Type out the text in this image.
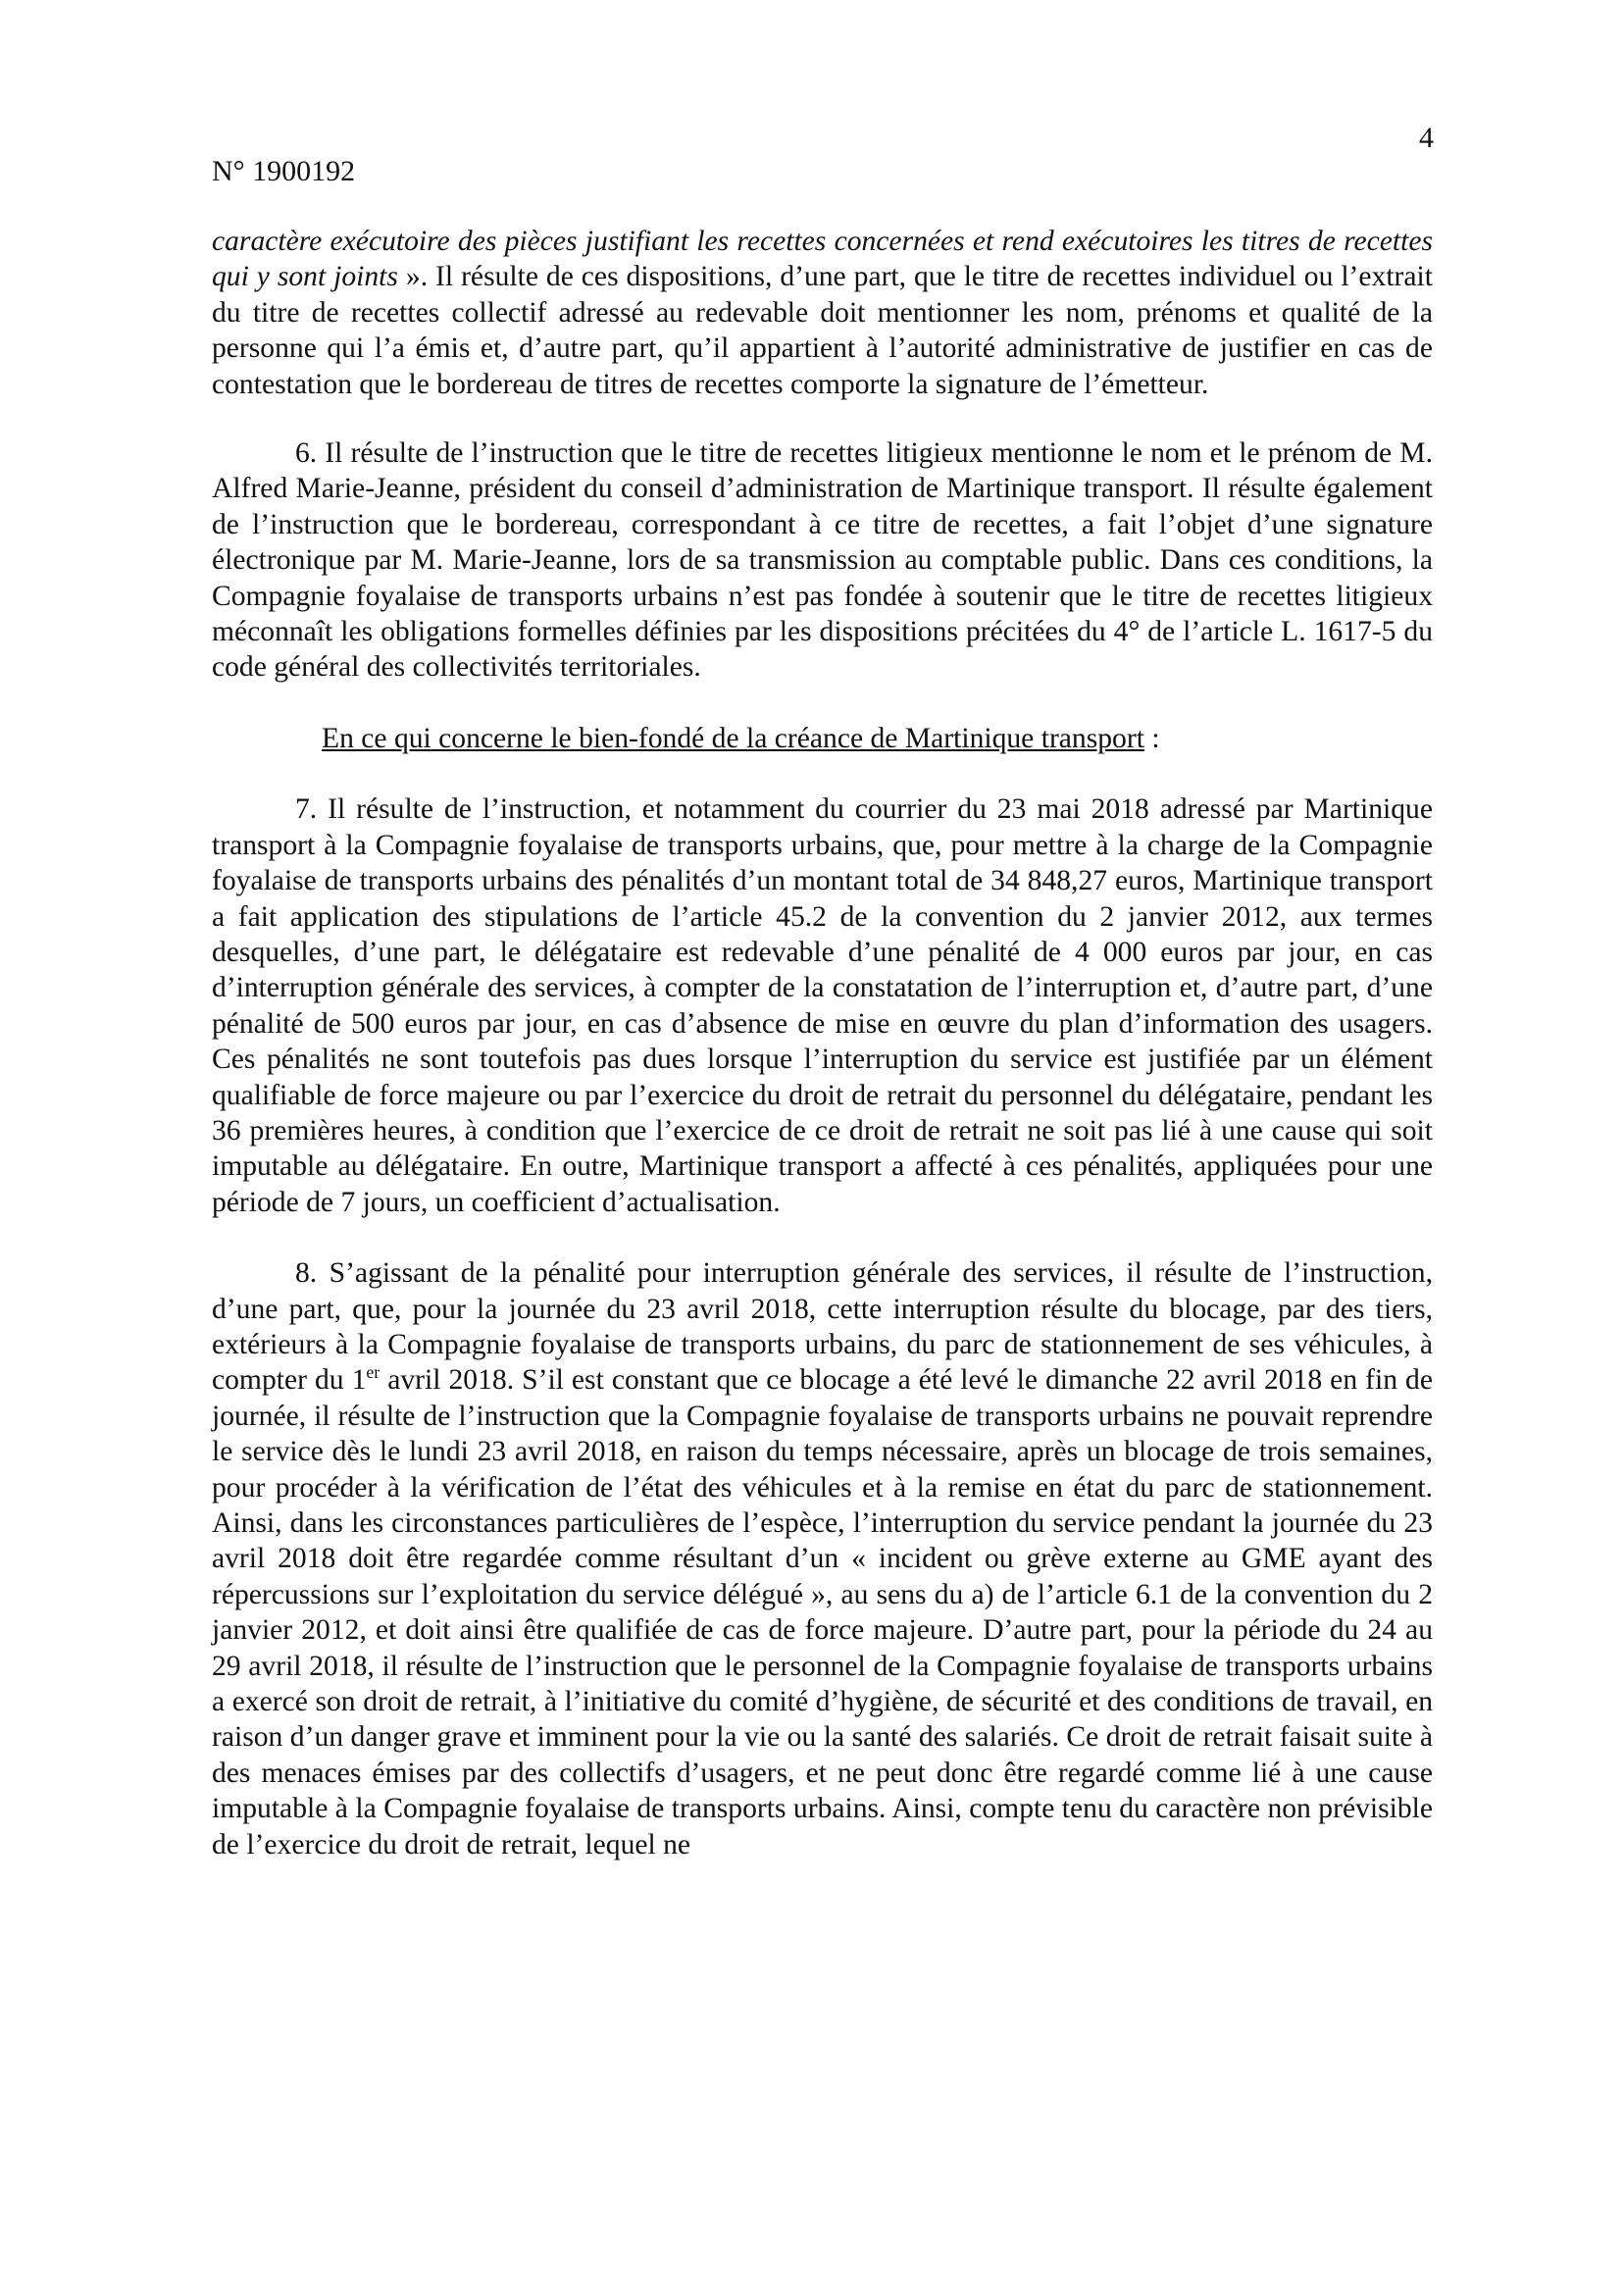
4
N° 1900192

caractère exécutoire des pièces justifiant les recettes concernées et rend exécutoires les titres de recettes qui y sont joints ». Il résulte de ces dispositions, d’une part, que le titre de recettes individuel ou l’extrait du titre de recettes collectif adressé au redevable doit mentionner les nom, prénoms et qualité de la personne qui l’a émis et, d’autre part, qu’il appartient à l’autorité administrative de justifier en cas de contestation que le bordereau de titres de recettes comporte la signature de l’émetteur.

6. Il résulte de l’instruction que le titre de recettes litigieux mentionne le nom et le prénom de M. Alfred Marie-Jeanne, président du conseil d’administration de Martinique transport. Il résulte également de l’instruction que le bordereau, correspondant à ce titre de recettes, a fait l’objet d’une signature électronique par M. Marie-Jeanne, lors de sa transmission au comptable public. Dans ces conditions, la Compagnie foyalaise de transports urbains n’est pas fondée à soutenir que le titre de recettes litigieux méconnaît les obligations formelles définies par les dispositions précitées du 4° de l’article L. 1617-5 du code général des collectivités territoriales.

En ce qui concerne le bien-fondé de la créance de Martinique transport :

7. Il résulte de l’instruction, et notamment du courrier du 23 mai 2018 adressé par Martinique transport à la Compagnie foyalaise de transports urbains, que, pour mettre à la charge de la Compagnie foyalaise de transports urbains des pénalités d’un montant total de 34 848,27 euros, Martinique transport a fait application des stipulations de l’article 45.2 de la convention du 2 janvier 2012, aux termes desquelles, d’une part, le délégataire est redevable d’une pénalité de 4 000 euros par jour, en cas d’interruption générale des services, à compter de la constatation de l’interruption et, d’autre part, d’une pénalité de 500 euros par jour, en cas d’absence de mise en œuvre du plan d’information des usagers. Ces pénalités ne sont toutefois pas dues lorsque l’interruption du service est justifiée par un élément qualifiable de force majeure ou par l’exercice du droit de retrait du personnel du délégataire, pendant les 36 premières heures, à condition que l’exercice de ce droit de retrait ne soit pas lié à une cause qui soit imputable au délégataire. En outre, Martinique transport a affecté à ces pénalités, appliquées pour une période de 7 jours, un coefficient d’actualisation.

8. S’agissant de la pénalité pour interruption générale des services, il résulte de l’instruction, d’une part, que, pour la journée du 23 avril 2018, cette interruption résulte du blocage, par des tiers, extérieurs à la Compagnie foyalaise de transports urbains, du parc de stationnement de ses véhicules, à compter du 1er avril 2018. S’il est constant que ce blocage a été levé le dimanche 22 avril 2018 en fin de journée, il résulte de l’instruction que la Compagnie foyalaise de transports urbains ne pouvait reprendre le service dès le lundi 23 avril 2018, en raison du temps nécessaire, après un blocage de trois semaines, pour procéder à la vérification de l’état des véhicules et à la remise en état du parc de stationnement. Ainsi, dans les circonstances particulières de l’espèce, l’interruption du service pendant la journée du 23 avril 2018 doit être regardée comme résultant d’un « incident ou grève externe au GME ayant des répercussions sur l’exploitation du service délégué », au sens du a) de l’article 6.1 de la convention du 2 janvier 2012, et doit ainsi être qualifiée de cas de force majeure. D’autre part, pour la période du 24 au 29 avril 2018, il résulte de l’instruction que le personnel de la Compagnie foyalaise de transports urbains a exercé son droit de retrait, à l’initiative du comité d’hygiène, de sécurité et des conditions de travail, en raison d’un danger grave et imminent pour la vie ou la santé des salariés. Ce droit de retrait faisait suite à des menaces émises par des collectifs d’usagers, et ne peut donc être regardé comme lié à une cause imputable à la Compagnie foyalaise de transports urbains. Ainsi, compte tenu du caractère non prévisible de l’exercice du droit de retrait, lequel ne
